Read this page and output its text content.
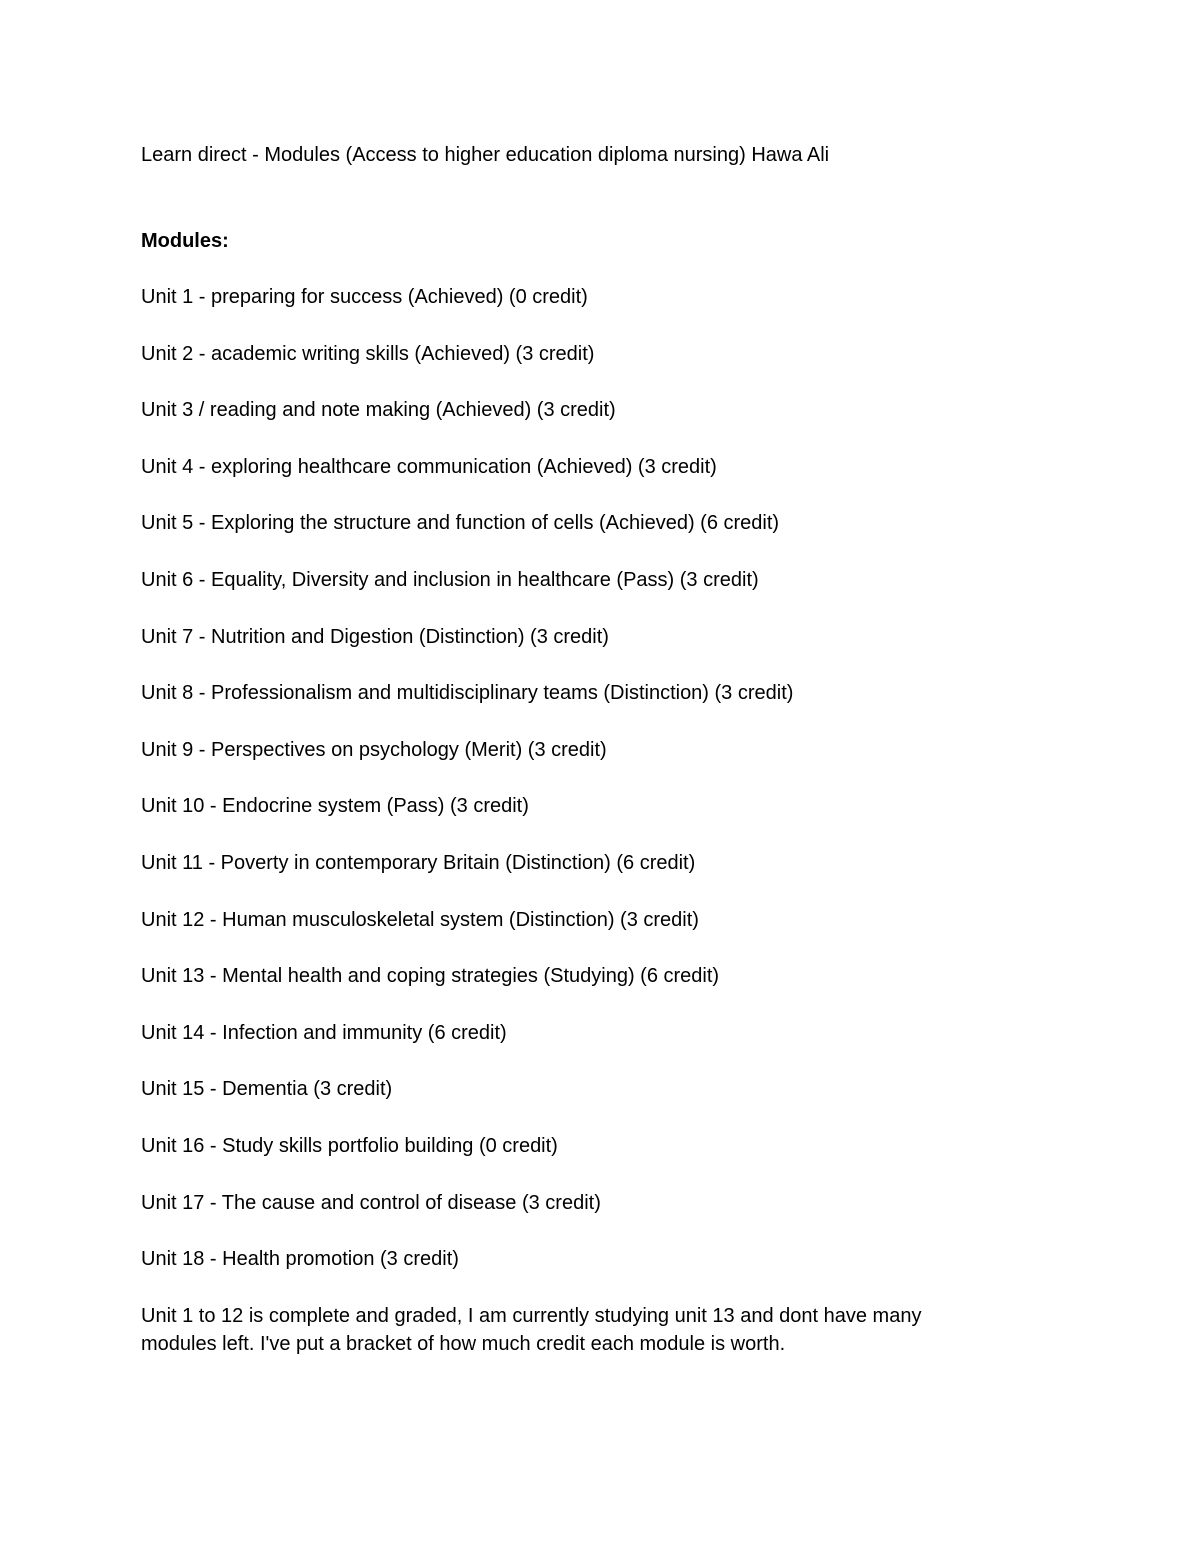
Learn direct - Modules (Access to higher education diploma nursing) Hawa Ali

Modules:

Unit 1 - preparing for success (Achieved) (0 credit)
Unit 2 - academic writing skills (Achieved) (3 credit)
Unit 3 / reading and note making (Achieved) (3 credit)
Unit 4 - exploring healthcare communication (Achieved) (3 credit)
Unit 5 - Exploring the structure and function of cells (Achieved) (6 credit)
Unit 6 - Equality, Diversity and inclusion in healthcare (Pass) (3 credit)
Unit 7 - Nutrition and Digestion (Distinction) (3 credit)
Unit 8 - Professionalism and multidisciplinary teams (Distinction) (3 credit)
Unit 9 - Perspectives on psychology (Merit) (3 credit)
Unit 10 - Endocrine system (Pass) (3 credit)
Unit 11 - Poverty in contemporary Britain (Distinction) (6 credit)
Unit 12 - Human musculoskeletal system (Distinction) (3 credit)
Unit 13 - Mental health and coping strategies (Studying) (6 credit)
Unit 14 - Infection and immunity (6 credit)
Unit 15 - Dementia (3 credit)
Unit 16 - Study skills portfolio building (0 credit)
Unit 17 - The cause and control of disease (3 credit)
Unit 18 - Health promotion (3 credit)

Unit 1 to 12 is complete and graded, I am currently studying unit 13 and dont have many modules left. I've put a bracket of how much credit each module is worth.
